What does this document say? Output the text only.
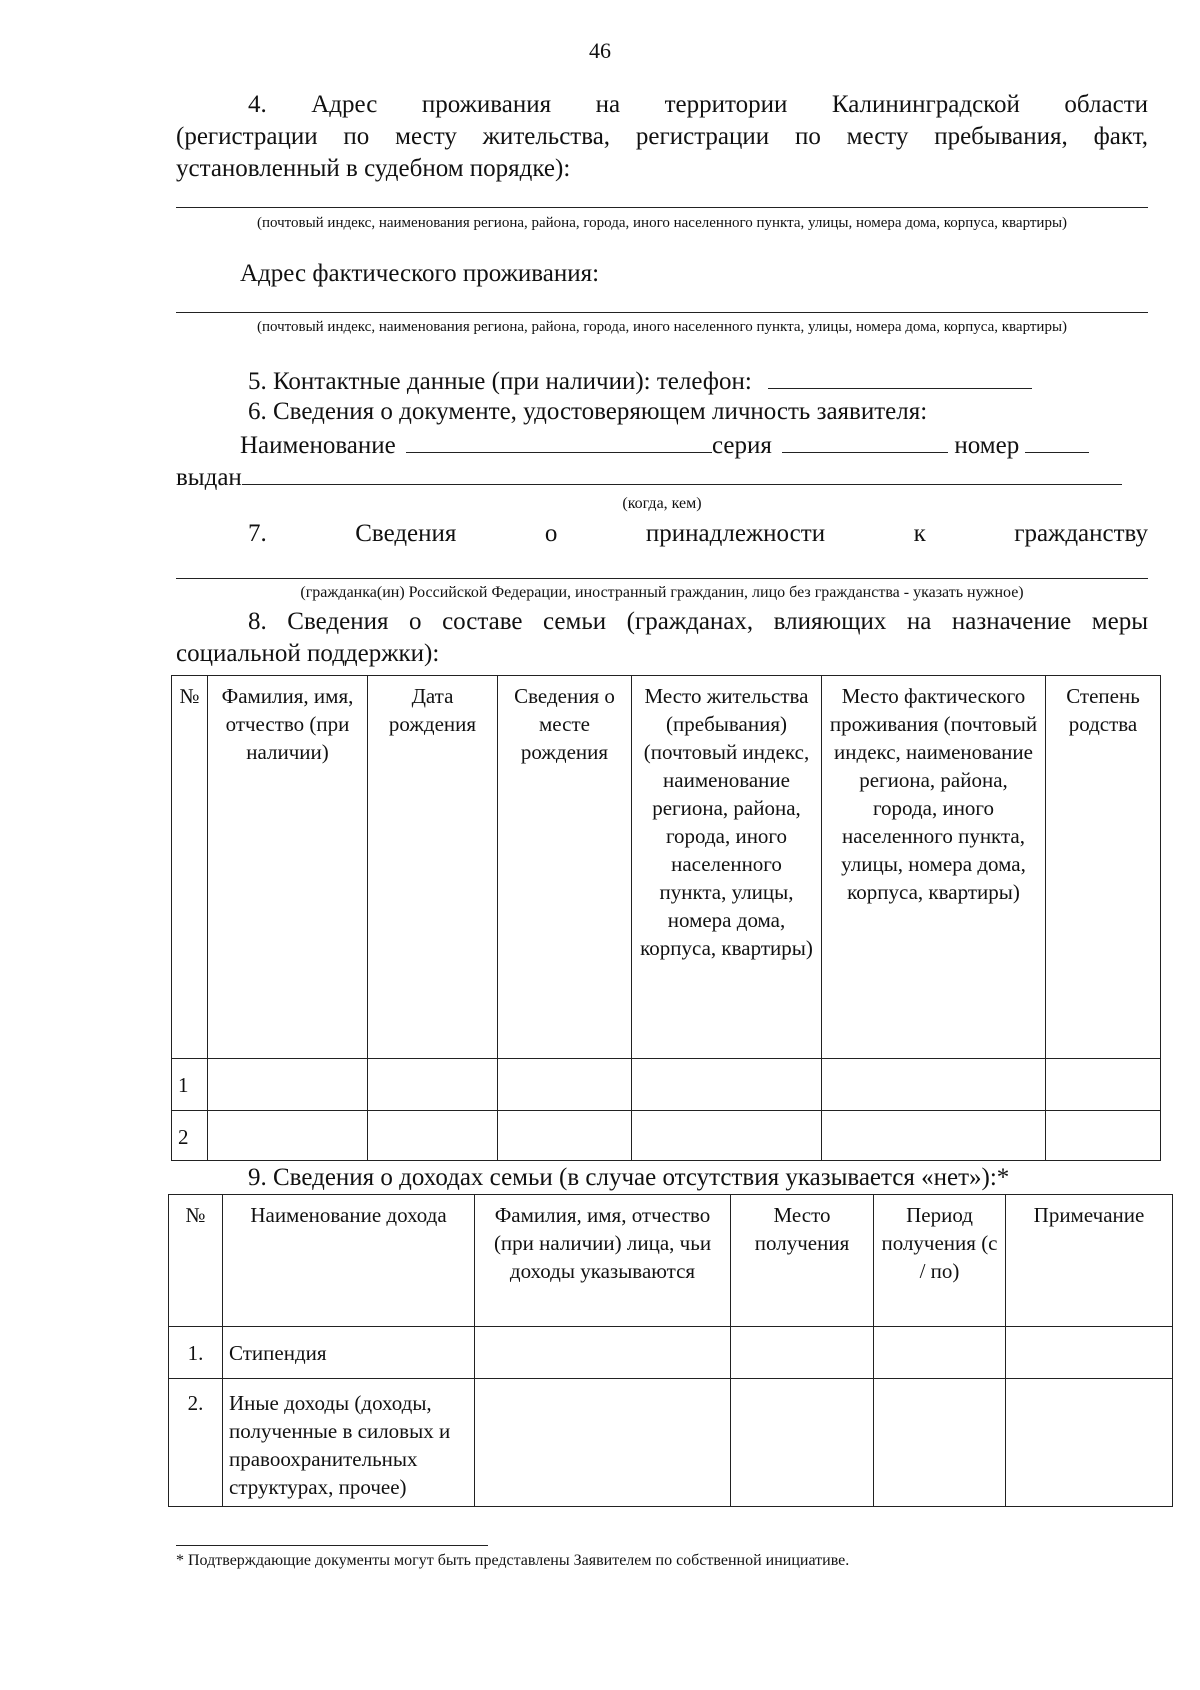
46
4. Адрес проживания на территории Калининградской области
(регистрации по месту жительства, регистрации по месту пребывания, факт,
установленный в судебном порядке):
(почтовый индекс, наименования региона, района, города, иного населенного пункта, улицы, номера дома, корпуса, квартиры)
Адрес фактического проживания:
(почтовый индекс, наименования региона, района, города, иного населенного пункта, улицы, номера дома, корпуса, квартиры)
5. Контактные данные (при наличии): телефон:
6. Сведения о документе, удостоверяющем личность заявителя:
Наименование	серия	номер
выдан
(когда, кем)
7. Сведения о принадлежности к гражданству
(гражданка(ин) Российской Федерации, иностранный гражданин, лицо без гражданства - указать нужное)
8. Сведения о составе семьи (гражданах, влияющих на назначение меры
социальной поддержки):
№	Фамилия, имя, отчество (при наличии)	Дата рождения	Сведения о месте рождения	Место жительства (пребывания) (почтовый индекс, наименование региона, района, города, иного населенного пункта, улицы, номера дома, корпуса, квартиры)	Место фактического проживания (почтовый индекс, наименование региона, района, города, иного населенного пункта, улицы, номера дома, корпуса, квартиры)	Степень родства
1						
2						
9. Сведения о доходах семьи (в случае отсутствия указывается «нет»):*
№	Наименование дохода	Фамилия, имя, отчество (при наличии) лица, чьи доходы указываются	Место получения	Период получения (с / по)	Примечание
1.	Стипендия				
2.	Иные доходы (доходы, полученные в силовых и правоохранительных структурах, прочее)				
* Подтверждающие документы могут быть представлены Заявителем по собственной инициативе.
